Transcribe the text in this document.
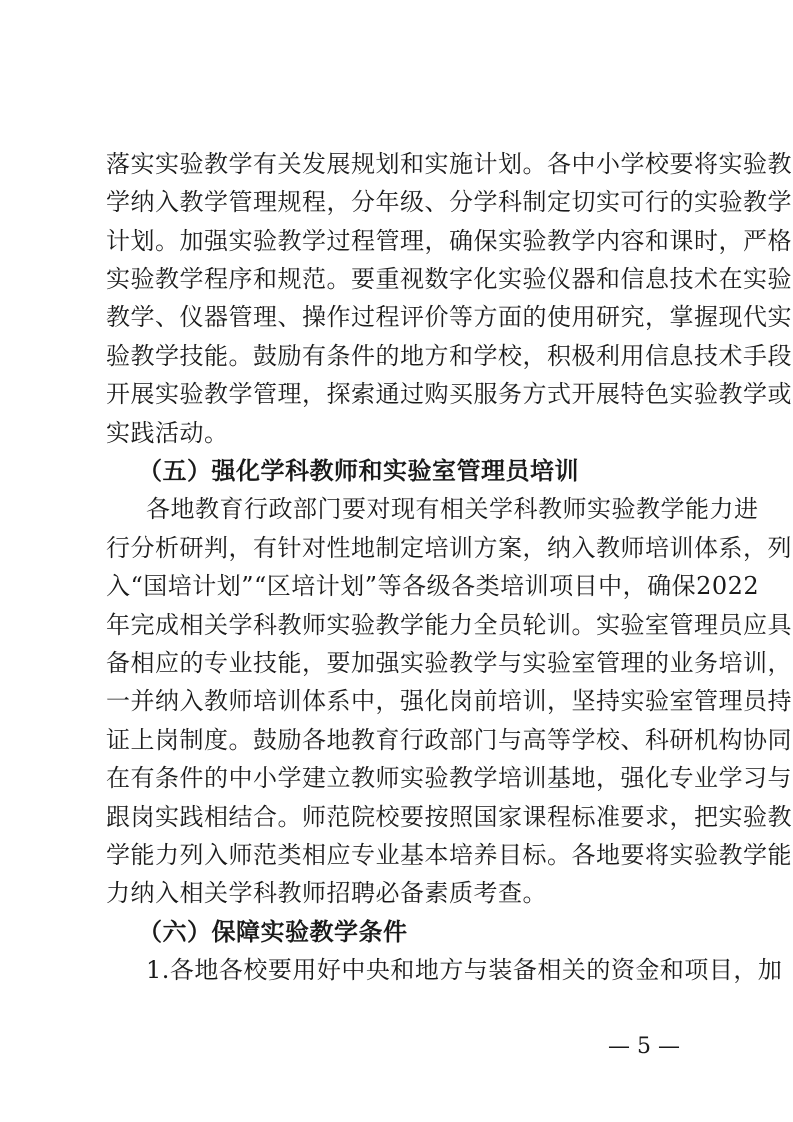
落实实验教学有关发展规划和实施计划。各中小学校要将实验教
学纳入教学管理规程，分年级、分学科制定切实可行的实验教学
计划。加强实验教学过程管理，确保实验教学内容和课时，严格
实验教学程序和规范。要重视数字化实验仪器和信息技术在实验
教学、仪器管理、操作过程评价等方面的使用研究，掌握现代实
验教学技能。鼓励有条件的地方和学校，积极利用信息技术手段
开展实验教学管理，探索通过购买服务方式开展特色实验教学或
实践活动。
（五）强化学科教师和实验室管理员培训
各地教育行政部门要对现有相关学科教师实验教学能力进
行分析研判，有针对性地制定培训方案，纳入教师培训体系，列
入“国培计划”“区培计划”等各级各类培训项目中，确保2022
年完成相关学科教师实验教学能力全员轮训。实验室管理员应具
备相应的专业技能，要加强实验教学与实验室管理的业务培训，
一并纳入教师培训体系中，强化岗前培训，坚持实验室管理员持
证上岗制度。鼓励各地教育行政部门与高等学校、科研机构协同
在有条件的中小学建立教师实验教学培训基地，强化专业学习与
跟岗实践相结合。师范院校要按照国家课程标准要求，把实验教
学能力列入师范类相应专业基本培养目标。各地要将实验教学能
力纳入相关学科教师招聘必备素质考查。
（六）保障实验教学条件
1.各地各校要用好中央和地方与装备相关的资金和项目，加
— 5 —
